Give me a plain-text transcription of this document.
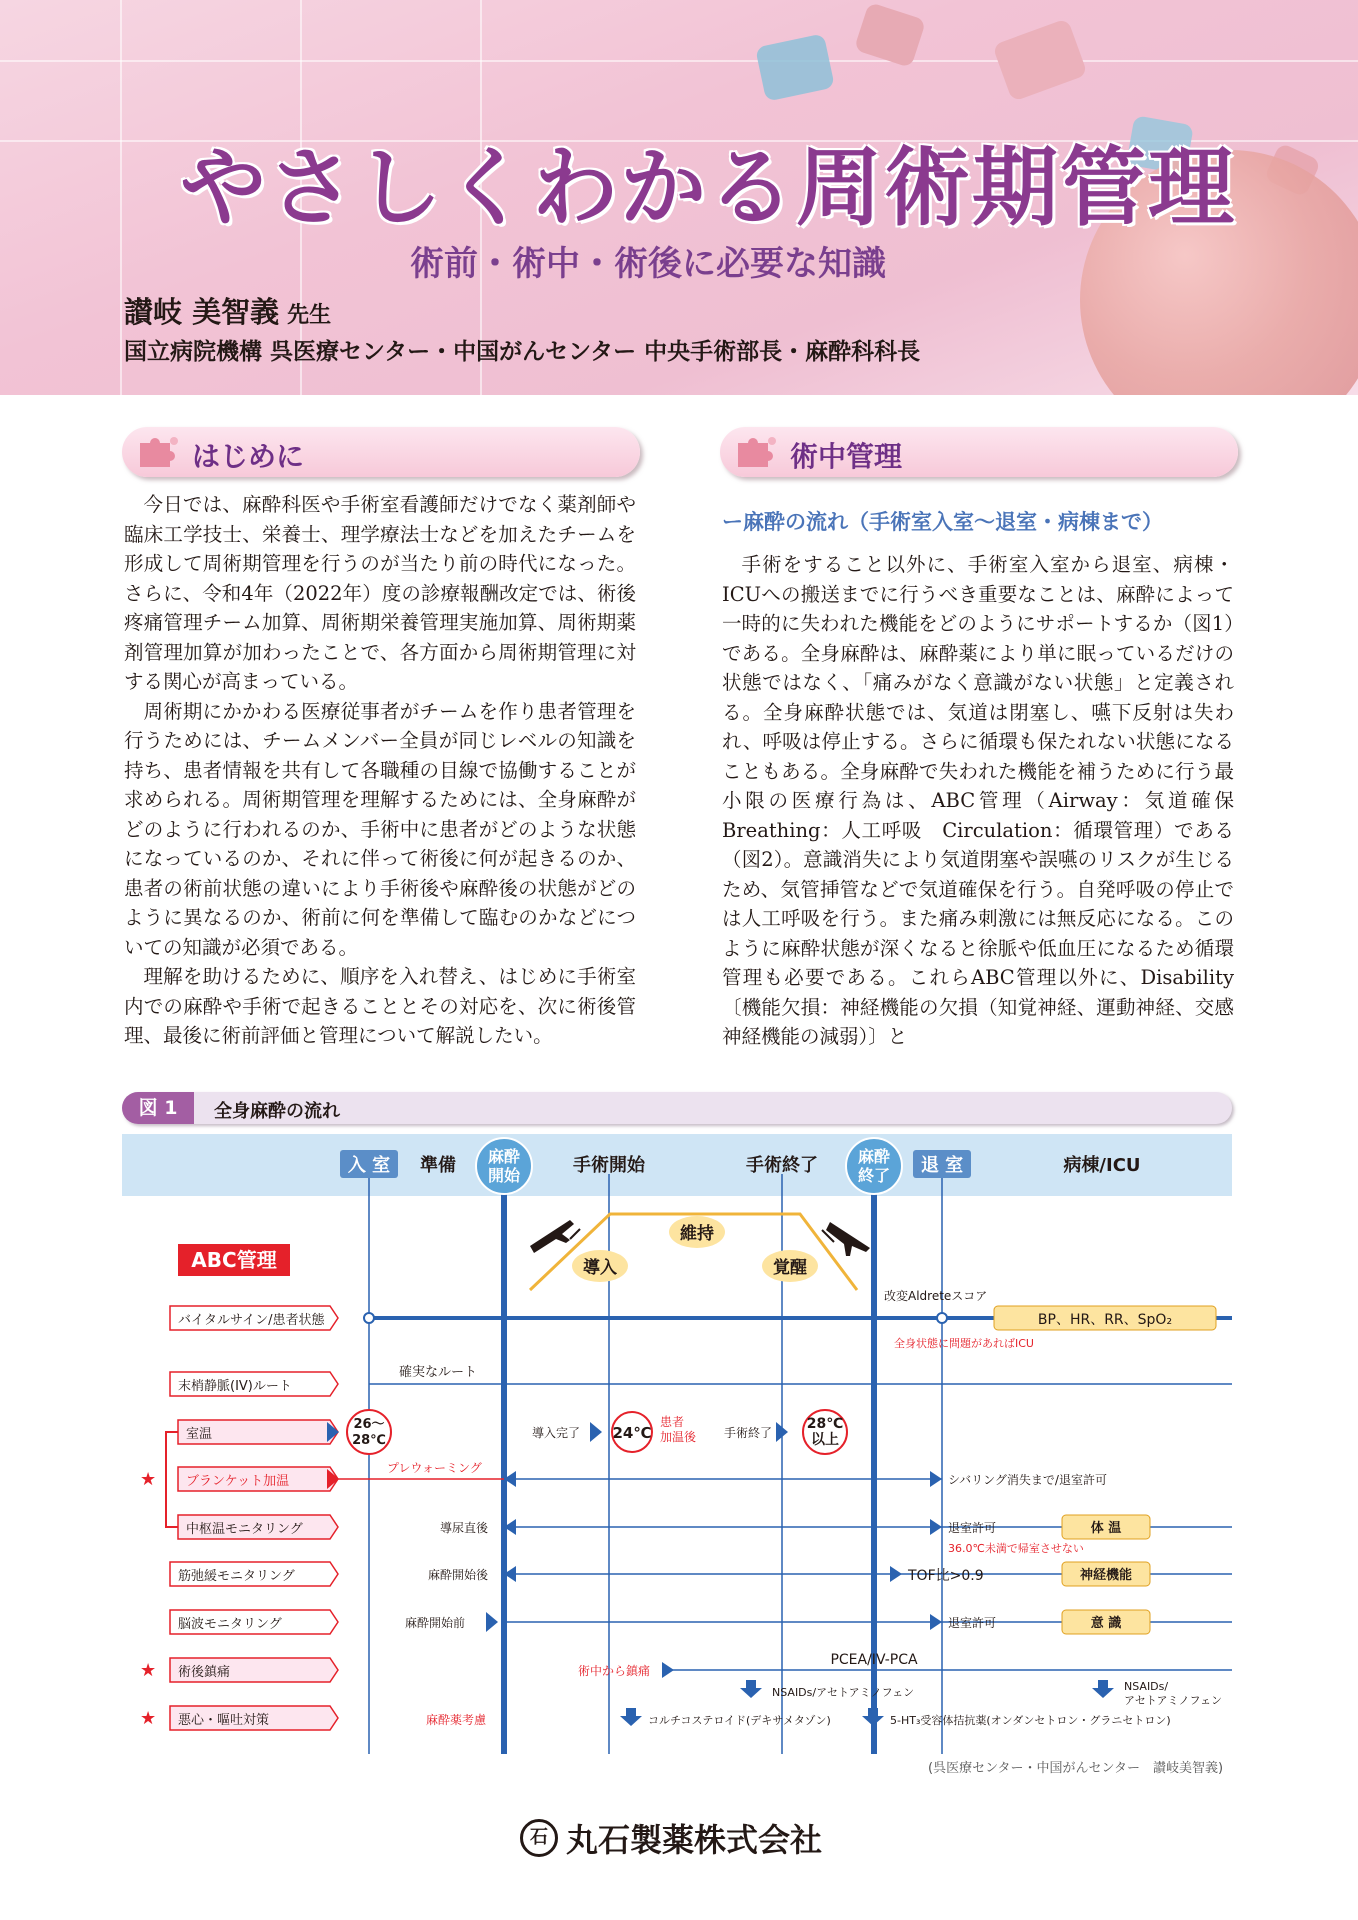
やさしくわかる周術期管理
術前・術中・術後に必要な知識
讃岐 美智義 先生
国立病院機構 呉医療センター・中国がんセンター 中央手術部長・麻酔科科長
はじめに

今日では、麻酔科医や手術室看護師だけでなく薬剤師や臨床工学技士、栄養士、理学療法士などを加えたチームを形成して周術期管理を行うのが当たり前の時代になった。さらに、令和4年（2022年）度の診療報酬改定では、術後疼痛管理チーム加算、周術期栄養管理実施加算、周術期薬剤管理加算が加わったことで、各方面から周術期管理に対する関心が高まっている。

周術期にかかわる医療従事者がチームを作り患者管理を行うためには、チームメンバー全員が同じレベルの知識を持ち、患者情報を共有して各職種の目線で協働することが求められる。周術期管理を理解するためには、全身麻酔がどのように行われるのか、手術中に患者がどのような状態になっているのか、それに伴って術後に何が起きるのか、患者の術前状態の違いにより手術後や麻酔後の状態がどのように異なるのか、術前に何を準備して臨むのかなどについての知識が必須である。

理解を助けるために、順序を入れ替え、はじめに手術室内での麻酔や手術で起きることとその対応を、次に術後管理、最後に術前評価と管理について解説したい。

術中管理
ー麻酔の流れ（手術室入室〜退室・病棟まで）

手術をすること以外に、手術室入室から退室、病棟・ICUへの搬送までに行うべき重要なことは、麻酔によって一時的に失われた機能をどのようにサポートするか（図1）である。全身麻酔は、麻酔薬により単に眠っているだけの状態ではなく、「痛みがなく意識がない状態」と定義される。全身麻酔状態では、気道は閉塞し、嚥下反射は失われ、呼吸は停止する。さらに循環も保たれない状態になることもある。全身麻酔で失われた機能を補うために行う最小限の医療行為は、ABC管理（Airway：気道確保　Breathing：人工呼吸　Circulation：循環管理）である（図2）。意識消失により気道閉塞や誤嚥のリスクが生じるため、気管挿管などで気道確保を行う。自発呼吸の停止では人工呼吸を行う。また痛み刺激には無反応になる。このように麻酔状態が深くなると徐脈や低血圧になるため循環管理も必要である。これらABC管理以外に、Disability〔機能欠損：神経機能の欠損（知覚神経、運動神経、交感神経機能の減弱）〕と

図 1	全身麻酔の流れ
入 室 準備 麻酔
開始	手術開始	手術終了 麻酔
終了 退 室	病棟/ICU
維持
導入	覚醒
ABC管理
バイタルサイン/患者状態
末梢静脈(IV)ルート
室温
ブランケット加温
中枢温モニタリング
筋弛緩モニタリング
脳波モニタリング
術後鎮痛
悪心・嘔吐対策
★
★
★
改変Aldreteスコア
BP、HR、RR、SpO₂
全身状態に問題があればICU
確実なルート
26〜
28℃	導入完了 24℃
患者
加温後 手術終了
28℃
以上
プレウォーミング
シバリング消失まで/退室許可
導尿直後	退室許可	体 温
36.0℃未満で帰室させない
麻酔開始後	TOF比>0.9	神経機能
麻酔開始前	退室許可	意 識
PCEA/IV-PCA
術中から鎮痛
NSAIDs/アセトアミノフェン	NSAIDs/
アセトアミノフェン
麻酔薬考慮	コルチコステロイド(デキサメタゾン)	5-HT₃受容体拮抗薬(オンダンセトロン・グラニセトロン)
(呉医療センター・中国がんセンター　讃岐美智義)
石 丸石製薬株式会社
